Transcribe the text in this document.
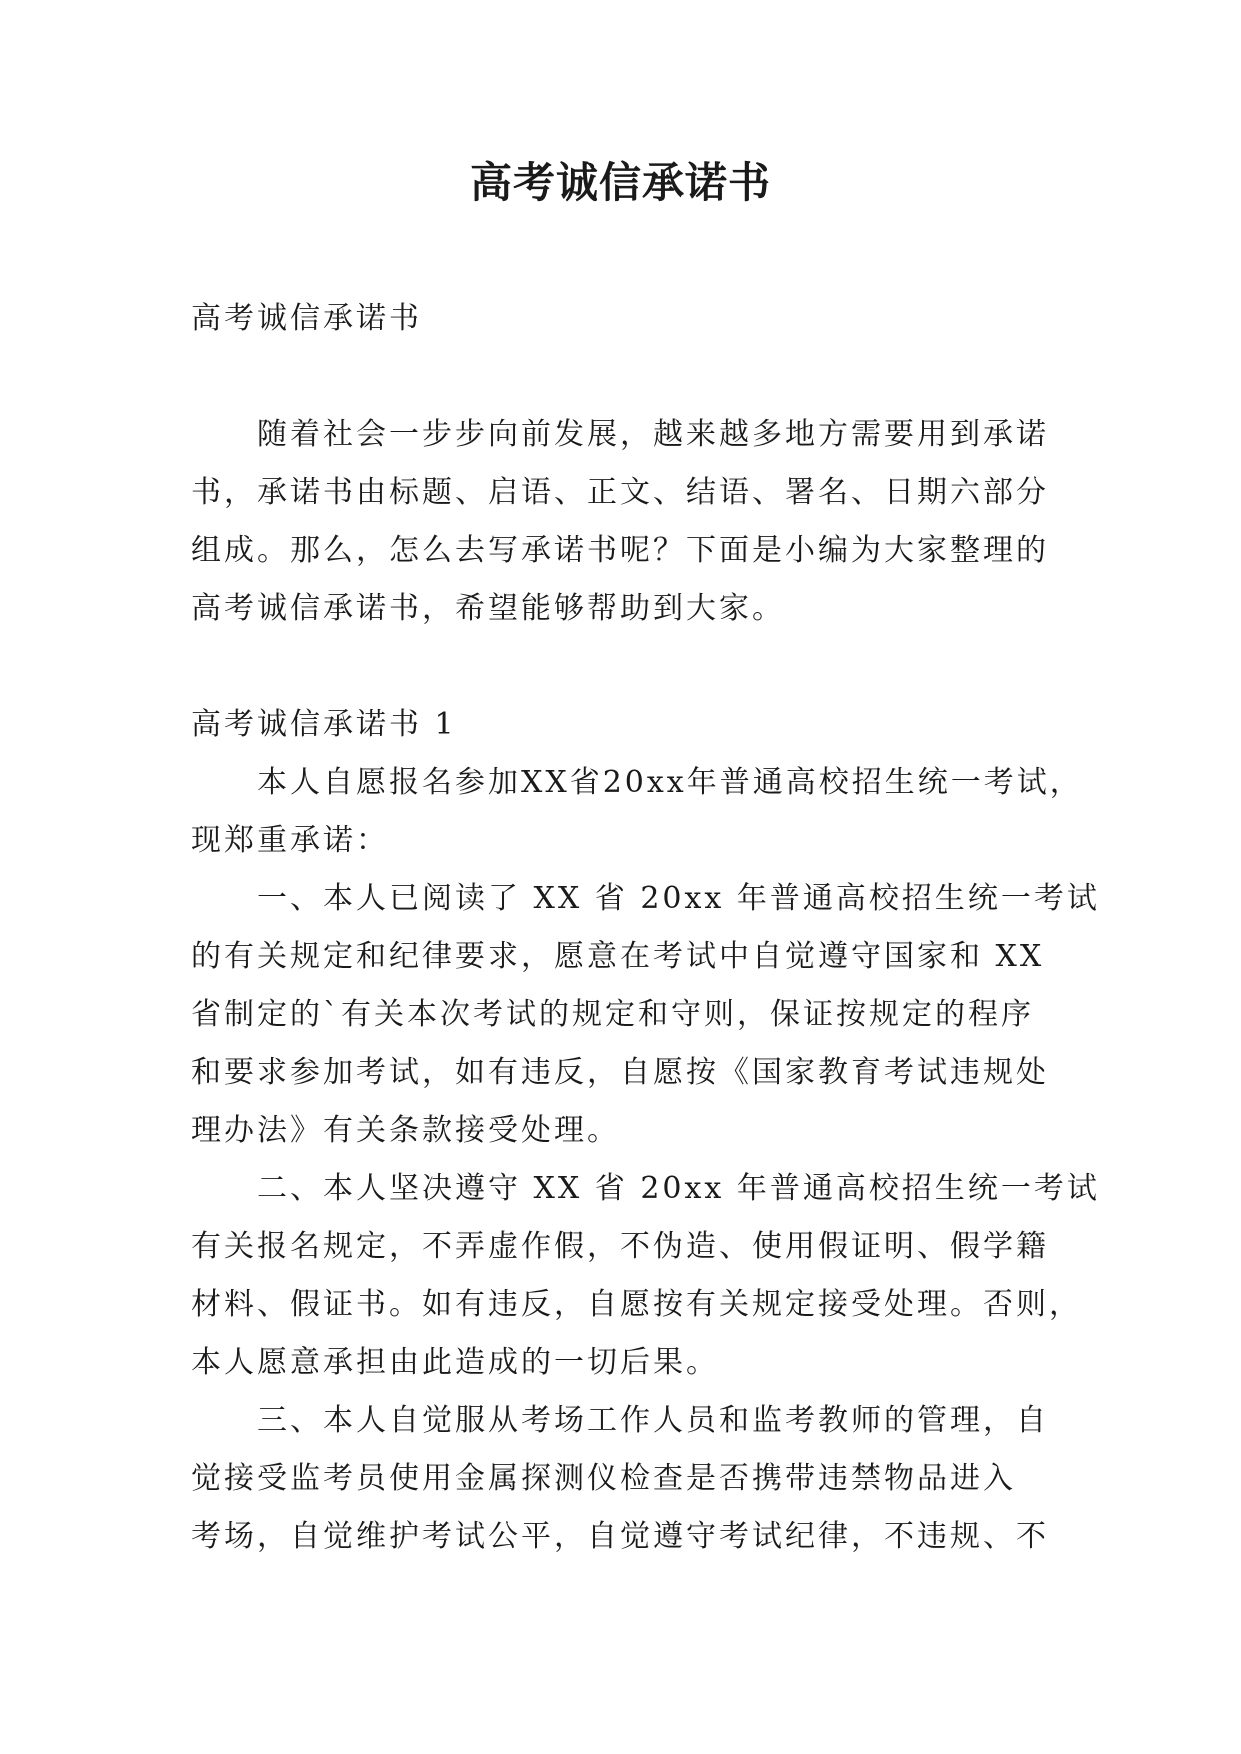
高考诚信承诺书

高考诚信承诺书

随着社会一步步向前发展，越来越多地方需要用到承诺
书，承诺书由标题、启语、正文、结语、署名、日期六部分
组成。那么，怎么去写承诺书呢？下面是小编为大家整理的
高考诚信承诺书，希望能够帮助到大家。

高考诚信承诺书 1

本人自愿报名参加XX省20xx年普通高校招生统一考试，
现郑重承诺：

一、本人已阅读了 XX 省 20xx 年普通高校招生统一考试
的有关规定和纪律要求，愿意在考试中自觉遵守国家和 XX
省制定的`有关本次考试的规定和守则，保证按规定的程序
和要求参加考试，如有违反，自愿按《国家教育考试违规处
理办法》有关条款接受处理。

二、本人坚决遵守 XX 省 20xx 年普通高校招生统一考试
有关报名规定，不弄虚作假，不伪造、使用假证明、假学籍
材料、假证书。如有违反，自愿按有关规定接受处理。否则，
本人愿意承担由此造成的一切后果。

三、本人自觉服从考场工作人员和监考教师的管理，自
觉接受监考员使用金属探测仪检查是否携带违禁物品进入
考场，自觉维护考试公平，自觉遵守考试纪律，不违规、不
